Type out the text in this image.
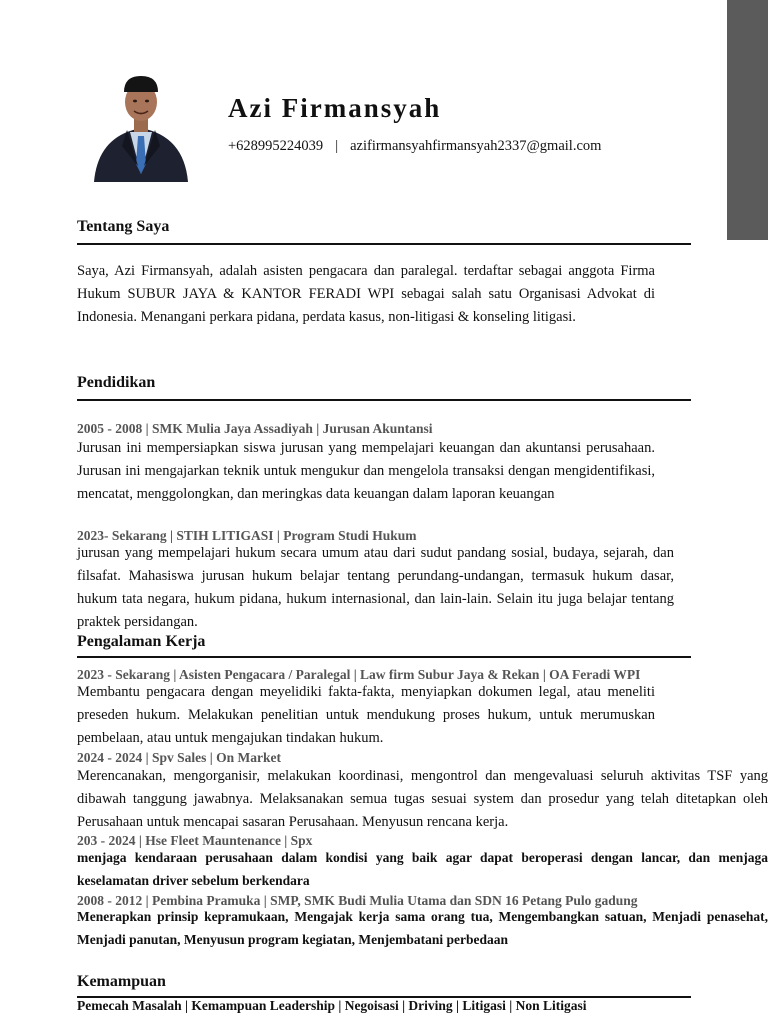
Azi Firmansyah
+628995224039 | azifirmansyahfirmansyah2337@gmail.com
Tentang Saya

Saya, Azi Firmansyah, adalah asisten pengacara dan paralegal. terdaftar sebagai anggota Firma Hukum SUBUR JAYA & KANTOR FERADI WPI sebagai salah satu Organisasi Advokat di Indonesia. Menangani perkara pidana, perdata kasus, non-litigasi & konseling litigasi.

Pendidikan
2005 - 2008 | SMK Mulia Jaya Assadiyah | Jurusan Akuntansi

Jurusan ini mempersiapkan siswa jurusan yang mempelajari keuangan dan akuntansi perusahaan. Jurusan ini mengajarkan teknik untuk mengukur dan mengelola transaksi dengan mengidentifikasi, mencatat, menggolongkan, dan meringkas data keuangan dalam laporan keuangan

2023- Sekarang | STIH LITIGASI | Program Studi Hukum

jurusan yang mempelajari hukum secara umum atau dari sudut pandang sosial, budaya, sejarah, dan filsafat. Mahasiswa jurusan hukum belajar tentang perundang-undangan, termasuk hukum dasar, hukum tata negara, hukum pidana, hukum internasional, dan lain-lain. Selain itu juga belajar tentang praktek persidangan.

Pengalaman Kerja
2023 - Sekarang | Asisten Pengacara / Paralegal | Law firm Subur Jaya & Rekan | OA Feradi WPI

Membantu pengacara dengan meyelidiki fakta-fakta, menyiapkan dokumen legal, atau meneliti preseden hukum. Melakukan penelitian untuk mendukung proses hukum, untuk merumuskan pembelaan, atau untuk mengajukan tindakan hukum.

2024 - 2024 | Spv Sales | On Market

Merencanakan, mengorganisir, melakukan koordinasi, mengontrol dan mengevaluasi seluruh aktivitas TSF yang dibawah tanggung jawabnya. Melaksanakan semua tugas sesuai system dan prosedur yang telah ditetapkan oleh Perusahaan untuk mencapai sasaran Perusahaan. Menyusun rencana kerja.

203 - 2024 | Hse Fleet Mauntenance | Spx

menjaga kendaraan perusahaan dalam kondisi yang baik agar dapat beroperasi dengan lancar, dan menjaga keselamatan driver sebelum berkendara

2008 - 2012 | Pembina Pramuka | SMP, SMK Budi Mulia Utama dan SDN 16 Petang Pulo gadung

Menerapkan prinsip kepramukaan, Mengajak kerja sama orang tua, Mengembangkan satuan, Menjadi penasehat, Menjadi panutan, Menyusun program kegiatan, Menjembatani perbedaan

Kemampuan
Pemecah Masalah | Kemampuan Leadership | Negoisasi | Driving | Litigasi | Non Litigasi
